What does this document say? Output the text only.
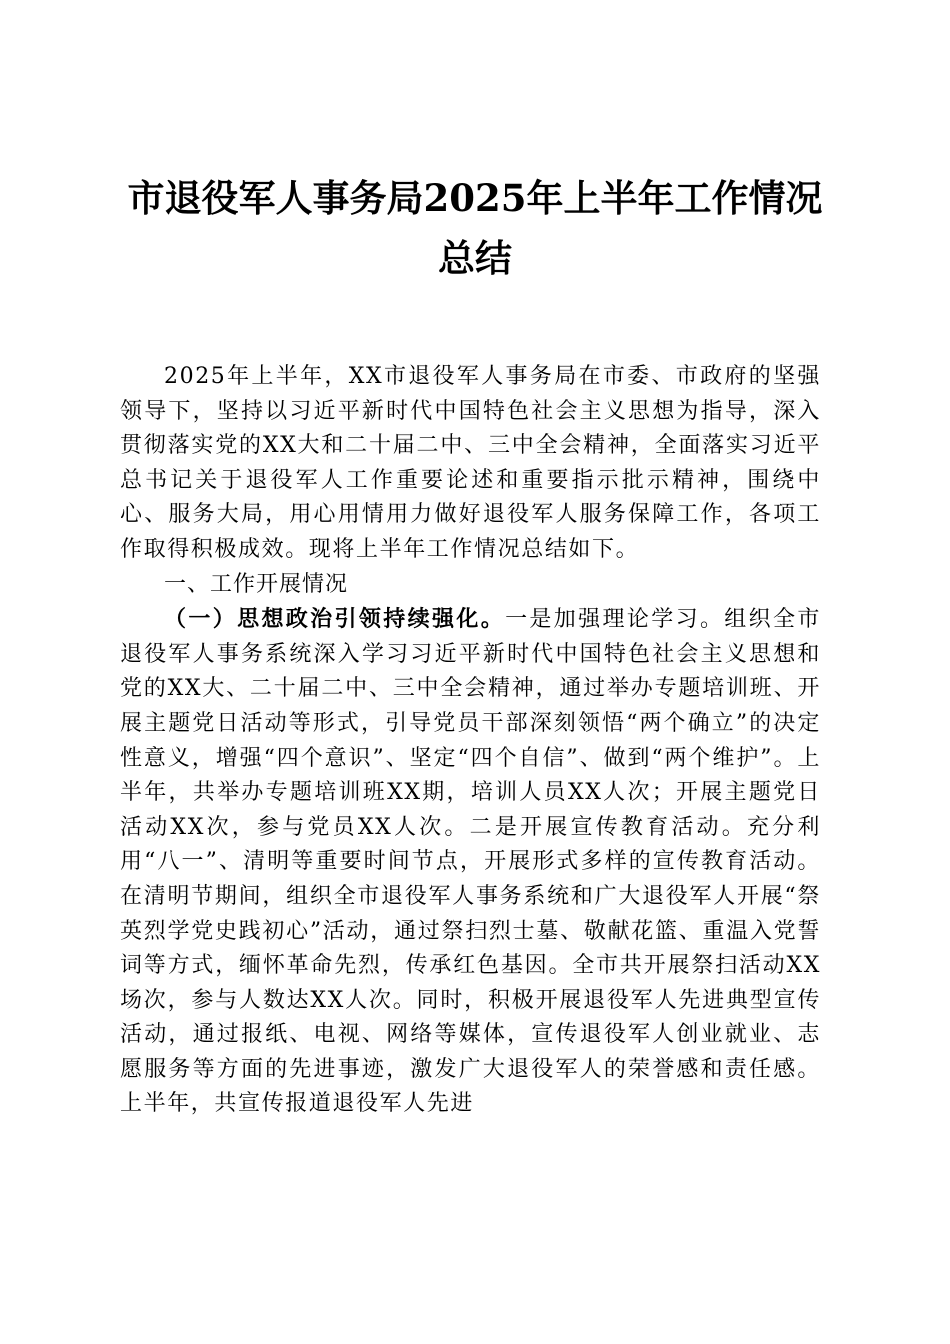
市退役军人事务局2025年上半年工作情况总结

2025年上半年，XX市退役军人事务局在市委、市政府的坚强领导下，坚持以习近平新时代中国特色社会主义思想为指导，深入贯彻落实党的XX大和二十届二中、三中全会精神，全面落实习近平总书记关于退役军人工作重要论述和重要指示批示精神，围绕中心、服务大局，用心用情用力做好退役军人服务保障工作，各项工作取得积极成效。现将上半年工作情况总结如下。

一、工作开展情况

（一）思想政治引领持续强化。一是加强理论学习。组织全市退役军人事务系统深入学习习近平新时代中国特色社会主义思想和党的XX大、二十届二中、三中全会精神，通过举办专题培训班、开展主题党日活动等形式，引导党员干部深刻领悟“两个确立”的决定性意义，增强“四个意识”、坚定“四个自信”、做到“两个维护”。上半年，共举办专题培训班XX期，培训人员XX人次；开展主题党日活动XX次，参与党员XX人次。二是开展宣传教育活动。充分利用“八一”、清明等重要时间节点，开展形式多样的宣传教育活动。在清明节期间，组织全市退役军人事务系统和广大退役军人开展“祭英烈学党史践初心”活动，通过祭扫烈士墓、敬献花篮、重温入党誓词等方式，缅怀革命先烈，传承红色基因。全市共开展祭扫活动XX场次，参与人数达XX人次。同时，积极开展退役军人先进典型宣传活动，通过报纸、电视、网络等媒体，宣传退役军人创业就业、志愿服务等方面的先进事迹，激发广大退役军人的荣誉感和责任感。上半年，共宣传报道退役军人先进
